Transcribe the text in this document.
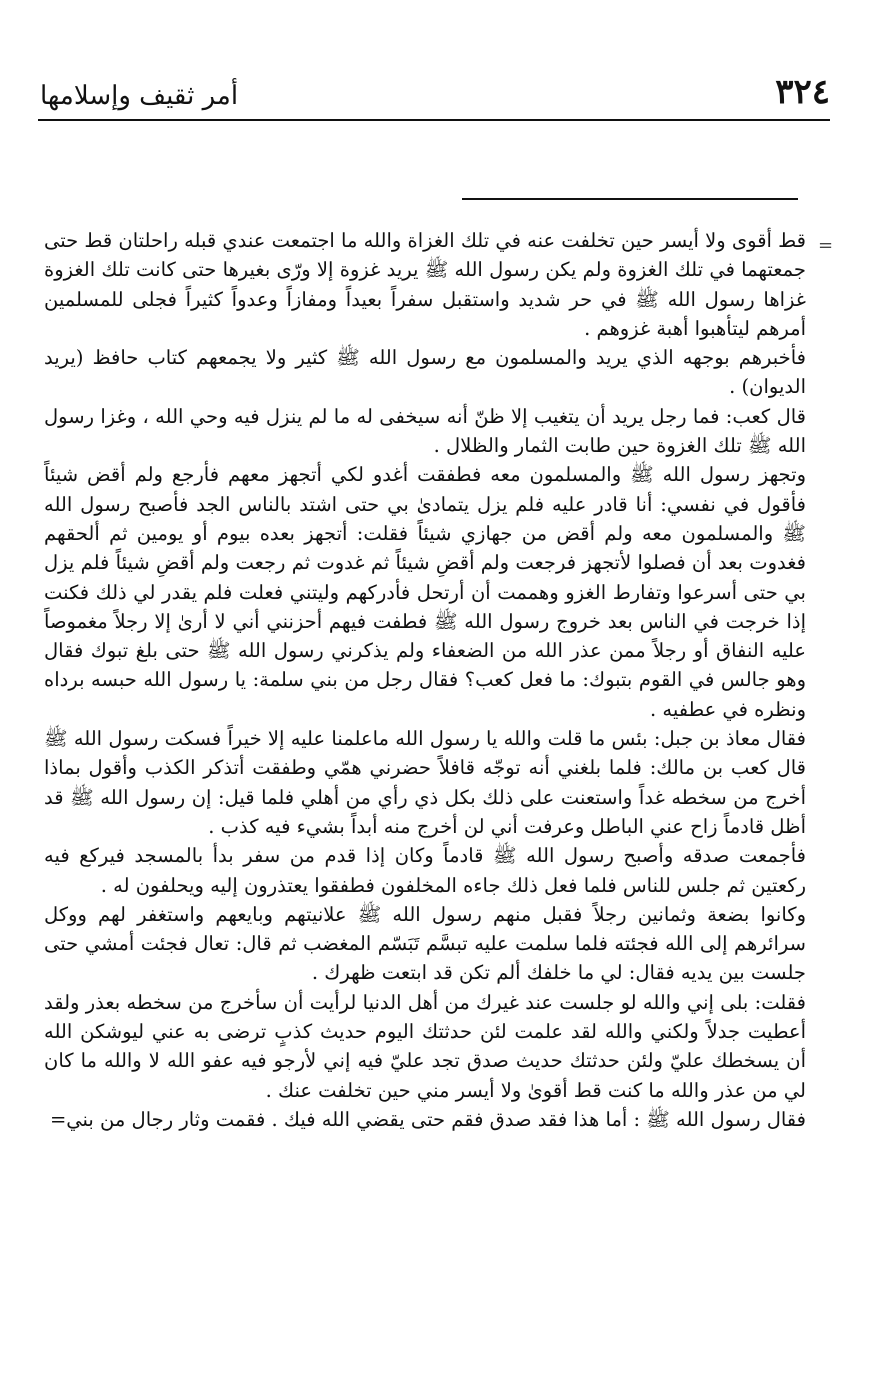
٣٢٤
أمر ثقيف وإسلامها
=

قط أقوى ولا أيسر حين تخلفت عنه في تلك الغزاة والله ما اجتمعت عندي قبله راحلتان قط حتى جمعتهما في تلك الغزوة ولم يكن رسول الله ﷺ يريد غزوة إلا ورّى بغيرها حتى كانت تلك الغزوة غزاها رسول الله ﷺ في حر شديد واستقبل سفراً بعيداً ومفازاً وعدواً كثيراً فجلى للمسلمين أمرهم ليتأهبوا أهبة غزوهم .

فأخبرهم بوجهه الذي يريد والمسلمون مع رسول الله ﷺ كثير ولا يجمعهم كتاب حافظ (يريد الديوان) .

قال كعب: فما رجل يريد أن يتغيب إلا ظنّ أنه سيخفى له ما لم ينزل فيه وحي الله ، وغزا رسول الله ﷺ تلك الغزوة حين طابت الثمار والظلال .

وتجهز رسول الله ﷺ والمسلمون معه فطفقت أغدو لكي أتجهز معهم فأرجع ولم أقض شيئاً فأقول في نفسي: أنا قادر عليه فلم يزل يتمادىٰ بي حتى اشتد بالناس الجد فأصبح رسول الله ﷺ والمسلمون معه ولم أقض من جهازي شيئاً فقلت: أتجهز بعده بيوم أو يومين ثم ألحقهم فغدوت بعد أن فصلوا لأتجهز فرجعت ولم أقضِ شيئاً ثم غدوت ثم رجعت ولم أقضِ شيئاً فلم يزل بي حتى أسرعوا وتفارط الغزو وهممت أن أرتحل فأدركهم وليتني فعلت فلم يقدر لي ذلك فكنت إذا خرجت في الناس بعد خروج رسول الله ﷺ فطفت فيهم أحزنني أني لا أرىٰ إلا رجلاً مغموصاً عليه النفاق أو رجلاً ممن عذر الله من الضعفاء ولم يذكرني رسول الله ﷺ حتى بلغ تبوك فقال وهو جالس في القوم بتبوك: ما فعل كعب؟ فقال رجل من بني سلمة: يا رسول الله حبسه برداه ونظره في عطفيه .

فقال معاذ بن جبل: بئس ما قلت والله يا رسول الله ماعلمنا عليه إلا خيراً فسكت رسول الله ﷺ قال كعب بن مالك: فلما بلغني أنه توجّه قافلاً حضرني همّي وطفقت أتذكر الكذب وأقول بماذا أخرج من سخطه غداً واستعنت على ذلك بكل ذي رأي من أهلي فلما قيل: إن رسول الله ﷺ قد أظل قادماً زاح عني الباطل وعرفت أني لن أخرج منه أبداً بشيء فيه كذب .

فأجمعت صدقه وأصبح رسول الله ﷺ قادماً وكان إذا قدم من سفر بدأ بالمسجد فيركع فيه ركعتين ثم جلس للناس فلما فعل ذلك جاءه المخلفون فطفقوا يعتذرون إليه ويحلفون له .

وكانوا بضعة وثمانين رجلاً فقبل منهم رسول الله ﷺ علانيتهم وبايعهم واستغفر لهم ووكل سرائرهم إلى الله فجئته فلما سلمت عليه تبسَّم تَبَسّم المغضب ثم قال: تعال فجئت أمشي حتى جلست بين يديه فقال: لي ما خلفك ألم تكن قد ابتعت ظهرك .

فقلت: بلى إني والله لو جلست عند غيرك من أهل الدنيا لرأيت أن سأخرج من سخطه بعذر ولقد أعطيت جدلاً ولكني والله لقد علمت لئن حدثتك اليوم حديث كذبٍ ترضى به عني ليوشكن الله أن يسخطك عليّ ولئن حدثتك حديث صدق تجد عليّ فيه إني لأرجو فيه عفو الله لا والله ما كان لي من عذر والله ما كنت قط أقوىٰ ولا أيسر مني حين تخلفت عنك .

فقال رسول الله ﷺ : أما هذا فقد صدق فقم حتى يقضي الله فيك . فقمت وثار رجال من بني=
